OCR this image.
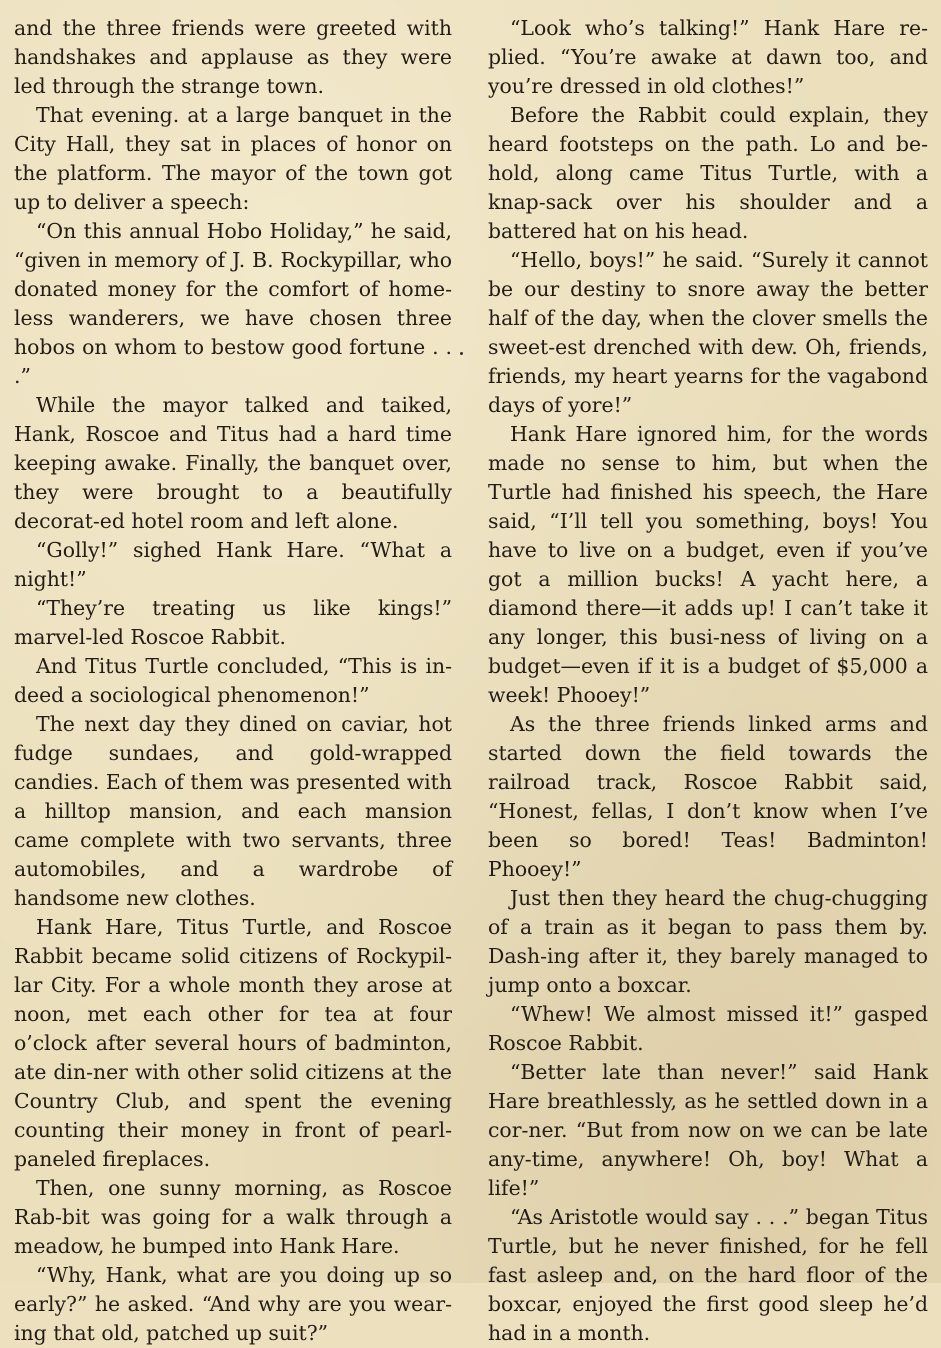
and the three friends were greeted with handshakes and applause as they were led through the strange town.

That evening. at a large banquet in the City Hall, they sat in places of honor on the platform. The mayor of the town got up to deliver a speech:

“On this annual Hobo Holiday,” he said, “given in memory of J. B. Rockypillar, who donated money for the comfort of home-less wanderers, we have chosen three hobos on whom to bestow good fortune . . .”

While the mayor talked and taiked, Hank, Roscoe and Titus had a hard time keeping awake. Finally, the banquet over, they were brought to a beautifully decorat-ed hotel room and left alone.

“Golly!” sighed Hank Hare. “What a night!”

“They’re treating us like kings!” marvel-led Roscoe Rabbit.

And Titus Turtle concluded, “This is in-deed a sociological phenomenon!”

The next day they dined on caviar, hot fudge sundaes, and gold-wrapped candies. Each of them was presented with a hilltop mansion, and each mansion came complete with two servants, three automobiles, and a wardrobe of handsome new clothes.

Hank Hare, Titus Turtle, and Roscoe Rabbit became solid citizens of Rockypil-lar City. For a whole month they arose at noon, met each other for tea at four o’clock after several hours of badminton, ate din-ner with other solid citizens at the Country Club, and spent the evening counting their money in front of pearl-paneled fireplaces.

Then, one sunny morning, as Roscoe Rab-bit was going for a walk through a meadow, he bumped into Hank Hare.

“Why, Hank, what are you doing up so early?” he asked. “And why are you wear-ing that old, patched up suit?”

“Look who’s talking!” Hank Hare re-plied. “You’re awake at dawn too, and you’re dressed in old clothes!”

Before the Rabbit could explain, they heard footsteps on the path. Lo and be-hold, along came Titus Turtle, with a knap-sack over his shoulder and a battered hat on his head.

“Hello, boys!” he said. “Surely it cannot be our destiny to snore away the better half of the day, when the clover smells the sweet-est drenched with dew. Oh, friends, friends, my heart yearns for the vagabond days of yore!”

Hank Hare ignored him, for the words made no sense to him, but when the Turtle had finished his speech, the Hare said, “I’ll tell you something, boys! You have to live on a budget, even if you’ve got a million bucks! A yacht here, a diamond there—it adds up! I can’t take it any longer, this busi-ness of living on a budget—even if it is a budget of $5,000 a week! Phooey!”

As the three friends linked arms and started down the field towards the railroad track, Roscoe Rabbit said, “Honest, fellas, I don’t know when I’ve been so bored! Teas! Badminton! Phooey!”

Just then they heard the chug-chugging of a train as it began to pass them by. Dash-ing after it, they barely managed to jump onto a boxcar.

“Whew! We almost missed it!” gasped Roscoe Rabbit.

“Better late than never!” said Hank Hare breathlessly, as he settled down in a cor-ner. “But from now on we can be late any-time, anywhere! Oh, boy! What a life!”

“As Aristotle would say . . .” began Titus Turtle, but he never finished, for he fell fast asleep and, on the hard floor of the boxcar, enjoyed the first good sleep he’d had in a month.
